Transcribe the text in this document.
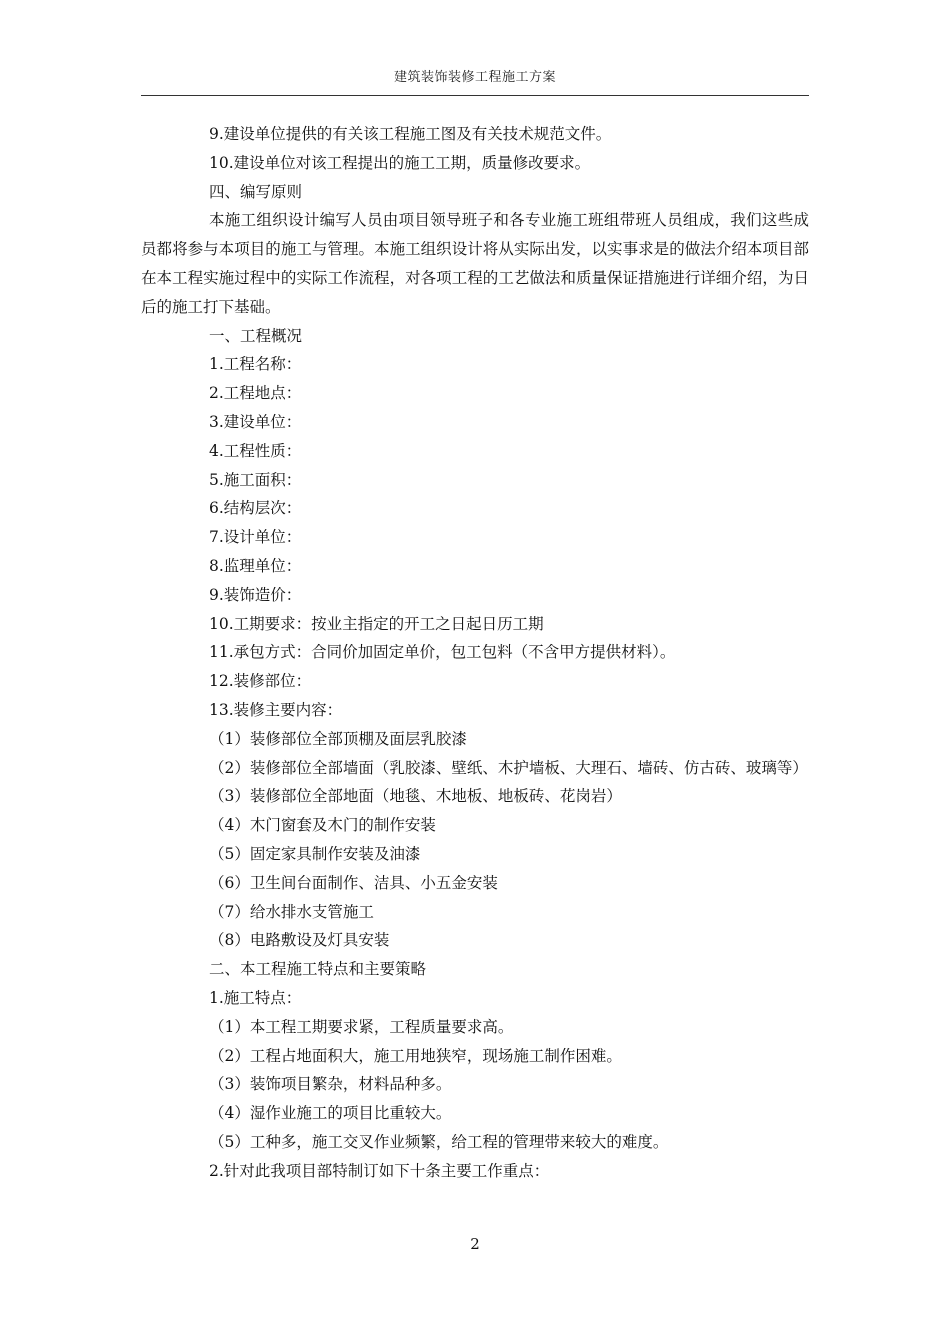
建筑装饰装修工程施工方案
9.建设单位提供的有关该工程施工图及有关技术规范文件。
10.建设单位对该工程提出的施工工期，质量修改要求。
四、编写原则
本施工组织设计编写人员由项目领导班子和各专业施工班组带班人员组成，我们这些成员都将参与本项目的施工与管理。本施工组织设计将从实际出发，以实事求是的做法介绍本项目部在本工程实施过程中的实际工作流程，对各项工程的工艺做法和质量保证措施进行详细介绍，为日后的施工打下基础。
一、工程概况
1.工程名称：
2.工程地点：
3.建设单位：
4.工程性质：
5.施工面积：
6.结构层次：
7.设计单位：
8.监理单位：
9.装饰造价：
10.工期要求：按业主指定的开工之日起日历工期
11.承包方式：合同价加固定单价，包工包料（不含甲方提供材料）。
12.装修部位：
13.装修主要内容：
（1）装修部位全部顶棚及面层乳胶漆
（2）装修部位全部墙面（乳胶漆、壁纸、木护墙板、大理石、墙砖、仿古砖、玻璃等）
（3）装修部位全部地面（地毯、木地板、地板砖、花岗岩）
（4）木门窗套及木门的制作安装
（5）固定家具制作安装及油漆
（6）卫生间台面制作、洁具、小五金安装
（7）给水排水支管施工
（8）电路敷设及灯具安装
二、本工程施工特点和主要策略
1.施工特点：
（1）本工程工期要求紧，工程质量要求高。
（2）工程占地面积大，施工用地狭窄，现场施工制作困难。
（3）装饰项目繁杂，材料品种多。
（4）湿作业施工的项目比重较大。
（5）工种多，施工交叉作业频繁，给工程的管理带来较大的难度。
2.针对此我项目部特制订如下十条主要工作重点：
2
